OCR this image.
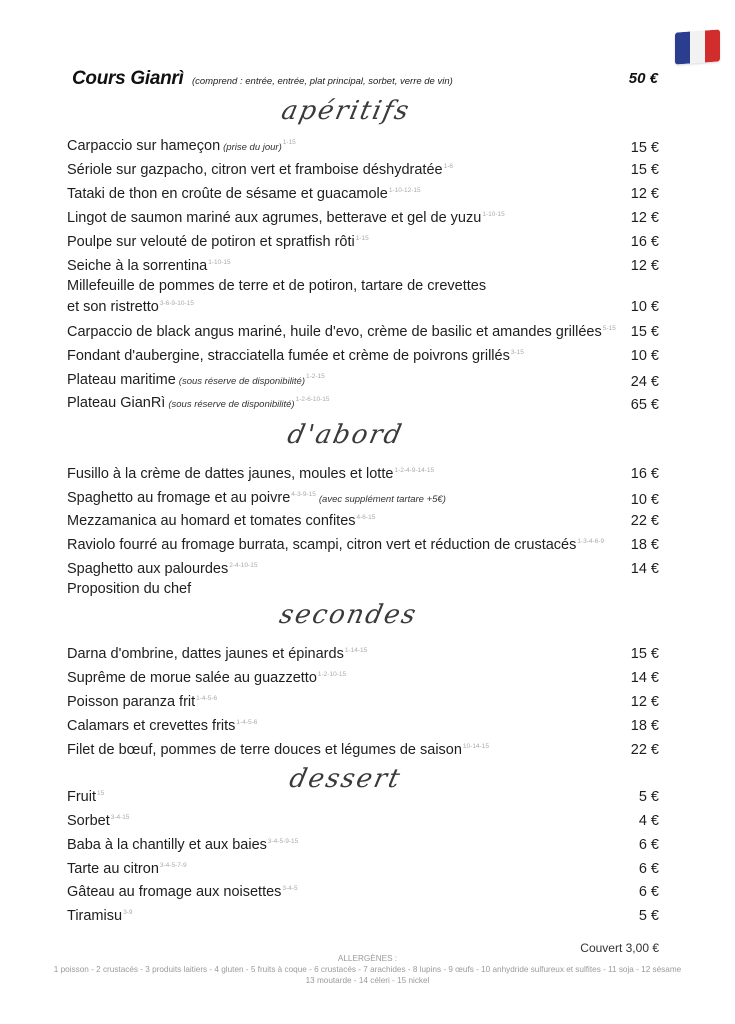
Cours Gianrì (comprend : entrée, entrée, plat principal, sorbet, verre de vin)	50 €
apéritifs
Carpaccio sur hameçon (prise du jour)$^{1-15}$	15 €
Sériole sur gazpacho, citron vert et framboise déshydratée$^{1-6}$	15 €
Tataki de thon en croûte de sésame et guacamole$^{1-10-12-15}$	12 €
Lingot de saumon mariné aux agrumes, betterave et gel de yuzu$^{1-10-15}$	12 €
Poulpe sur velouté de potiron et spratfish rôti$^{1-15}$	16 €
Seiche à la sorrentina$^{1-10-15}$	12 €
Millefeuille de pommes de terre et de potiron, tartare de crevettes et son ristretto$^{3-6-9-10-15}$	10 €
Carpaccio de black angus mariné, huile d'evo, crème de basilic et amandes grillées$^{5-15}$ 15 €
Fondant d'aubergine, stracciatella fumée et crème de poivrons grillés$^{3-15}$	10 €
Plateau maritime (sous réserve de disponibilité)$^{1-2-15}$	24 €
Plateau GianRì (sous réserve de disponibilité)$^{1-2-6-10-15}$	65 €
d'abord
Fusillo à la crème de dattes jaunes, moules et lotte$^{1-2-4-9-14-15}$	16 €
Spaghetto au fromage et au poivre$^{4-3-9-15}$ (avec supplément tartare +5€)	10 €
Mezzamanica au homard et tomates confites$^{4-6-15}$	22 €
Raviolo fourré au fromage burrata, scampi, citron vert et réduction de crustacés$^{1-3-4-6-9}$ 18 €
Spaghetto aux palourdes$^{2-4-10-15}$	14 €
Proposition du chef
secondes
Darna d'ombrine, dattes jaunes et épinards$^{1-14-15}$	15 €
Suprême de morue salée au guazzetto$^{1-2-10-15}$	14 €
Poisson paranza frit$^{1-4-5-6}$	12 €
Calamars et crevettes frits$^{1-4-5-6}$	18 €
Filet de bœuf, pommes de terre douces et légumes de saison$^{10-14-15}$	22 €
dessert
Fruit$^{15}$	5 €
Sorbet$^{3-4-15}$	4 €
Baba à la chantilly et aux baies$^{3-4-5-9-15}$	6 €
Tarte au citron$^{3-4-5-7-9}$	6 €
Gâteau au fromage aux noisettes$^{3-4-5}$	6 €
Tiramisu$^{3-9}$	5 €
Couvert 3,00 €
ALLERGÈNES :
1 poisson - 2 crustacés - 3 produits laitiers - 4 gluten - 5 fruits à coque - 6 crustacés - 7 arachides - 8 lupins - 9 œufs - 10 anhydride sulfureux et sulfites - 11 soja - 12 sésame
13 moutarde - 14 céleri - 15 nickel
